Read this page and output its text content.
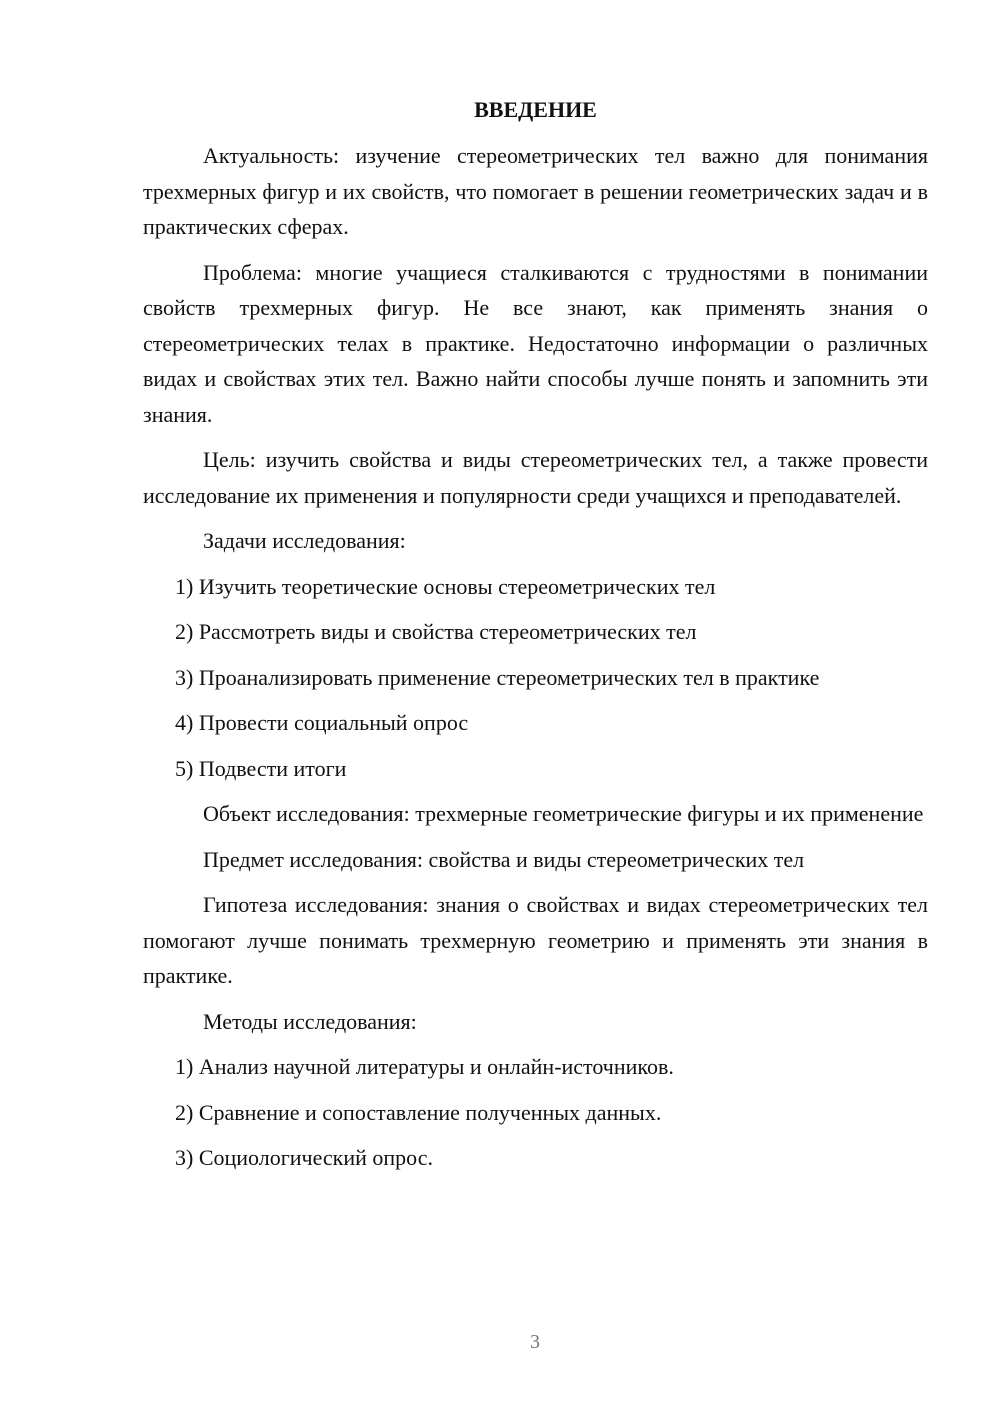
ВВЕДЕНИЕ

Актуальность: изучение стереометрических тел важно для понимания трехмерных фигур и их свойств, что помогает в решении геометрических задач и в практических сферах.

Проблема: многие учащиеся сталкиваются с трудностями в понимании свойств трехмерных фигур. Не все знают, как применять знания о стереометрических телах в практике. Недостаточно информации о различных видах и свойствах этих тел. Важно найти способы лучше понять и запомнить эти знания.

Цель: изучить свойства и виды стереометрических тел, а также провести исследование их применения и популярности среди учащихся и преподавателей.

Задачи исследования:

1) Изучить теоретические основы стереометрических тел
2) Рассмотреть виды и свойства стереометрических тел
3) Проанализировать применение стереометрических тел в практике
4) Провести социальный опрос
5) Подвести итоги

Объект исследования: трехмерные геометрические фигуры и их применение

Предмет исследования: свойства и виды стереометрических тел

Гипотеза исследования: знания о свойствах и видах стереометрических тел помогают лучше понимать трехмерную геометрию и применять эти знания в практике.

Методы исследования:

1) Анализ научной литературы и онлайн-источников.
2) Сравнение и сопоставление полученных данных.
3) Социологический опрос.
3
